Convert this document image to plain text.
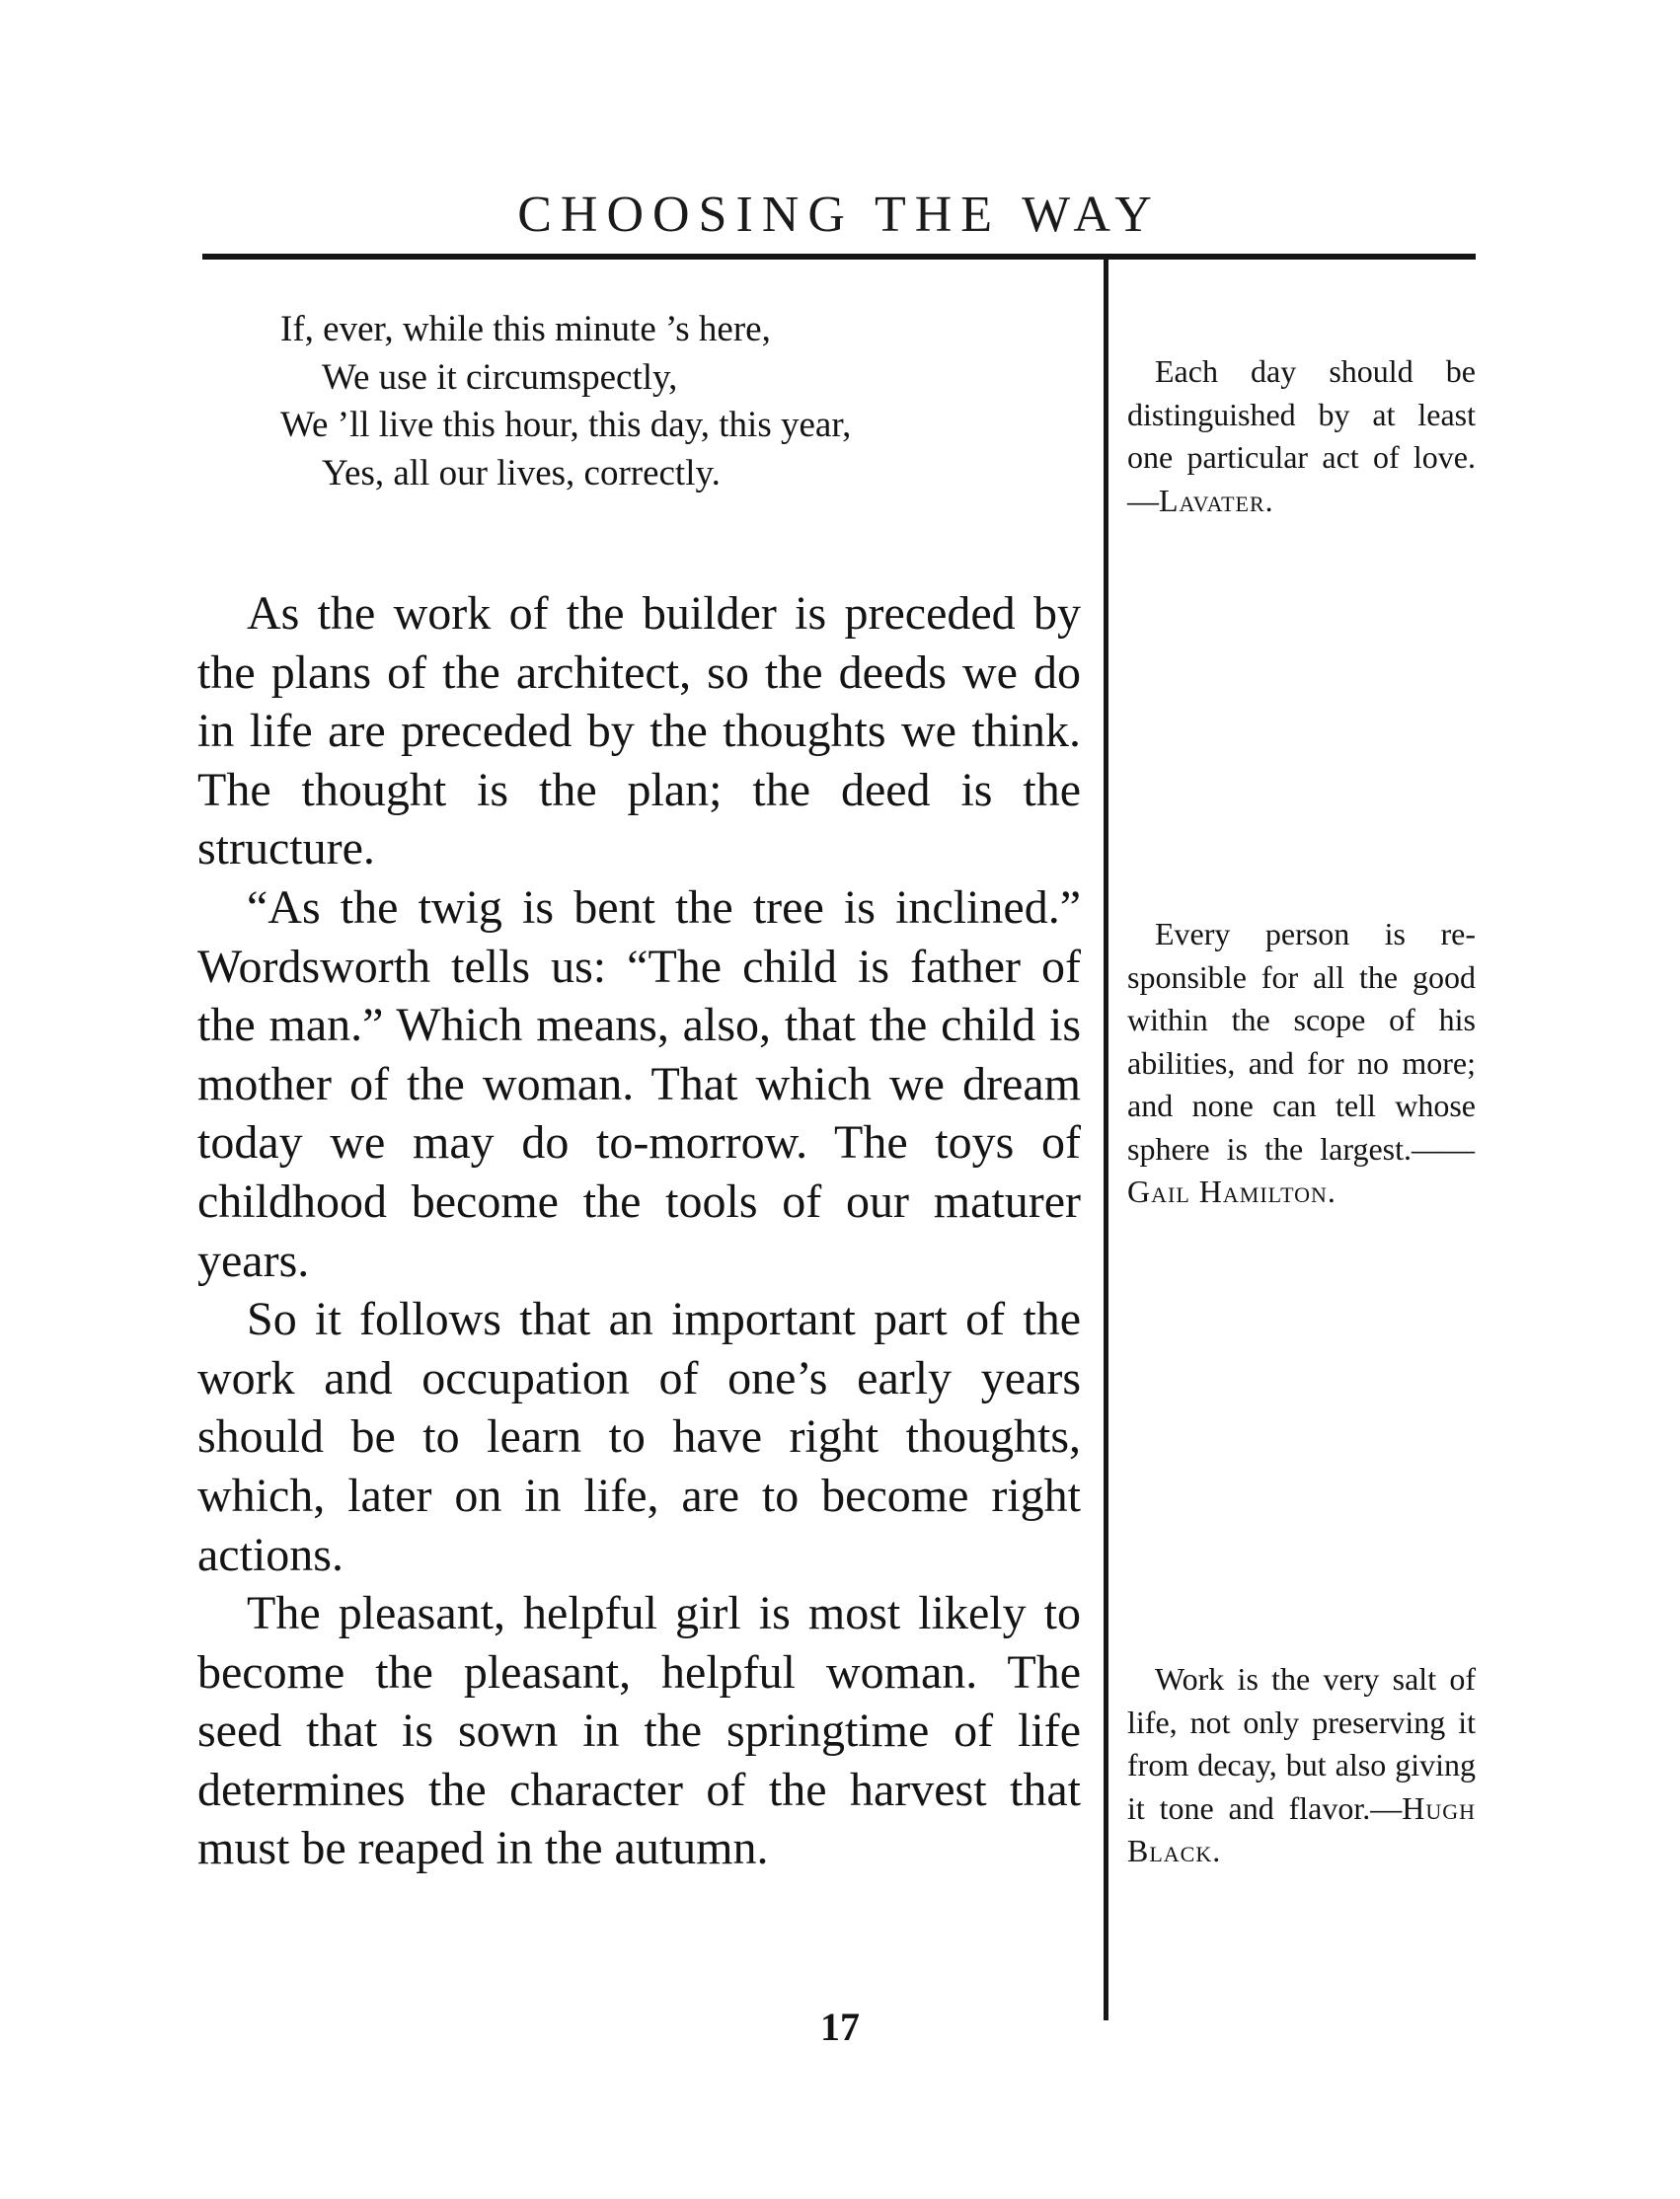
CHOOSING THE WAY
If, ever, while this minute ’s here,
We use it circumspectly,
We ’ll live this hour, this day, this year,
Yes, all our lives, correctly.

As the work of the builder is preceded by the plans of the architect, so the deeds we do in life are preceded by the thoughts we think. The thought is the plan; the deed is the structure.

“As the twig is bent the tree is inclined.” Wordsworth tells us: “The child is father of the man.” Which means, also, that the child is mother of the woman. That which we dream today we may do to-morrow. The toys of childhood become the tools of our maturer years.

So it follows that an important part of the work and occupation of one’s early years should be to learn to have right thoughts, which, later on in life, are to become right actions.

The pleasant, helpful girl is most likely to become the pleasant, helpful woman. The seed that is sown in the springtime of life determines the character of the harvest that must be reaped in the autumn.

Each day should be distinguished by at least one particular act of love.—Lavater.
Every person is responsible for all the good within the scope of his abilities, and for no more; and none can tell whose sphere is the largest.——Gail Hamilton.
Work is the very salt of life, not only preserving it from decay, but also giving it tone and flavor.—Hugh Black.
17
